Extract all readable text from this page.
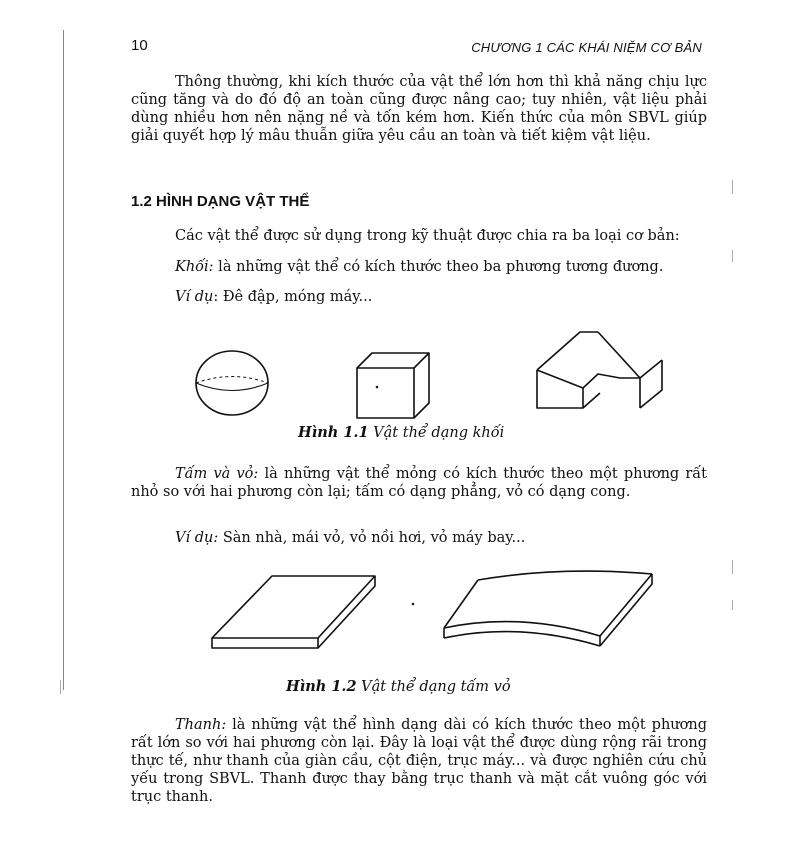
10	CHƯƠNG 1 CÁC KHÁI NIỆM CƠ BẢN

Thông thường, khi kích thước của vật thể lớn hơn thì khả năng chịu lực cũng tăng và do đó độ an toàn cũng được nâng cao; tuy nhiên, vật liệu phải dùng nhiều hơn nên nặng nề và tốn kém hơn. Kiến thức của môn SBVL giúp giải quyết hợp lý mâu thuẫn giữa yêu cầu an toàn và tiết kiệm vật liệu.

1.2 HÌNH DẠNG VẬT THỂ
Các vật thể được sử dụng trong kỹ thuật được chia ra ba loại cơ bản:
Khối: là những vật thể có kích thước theo ba phương tương đương.
Ví dụ: Đê đập, móng máy...
Hình 1.1 Vật thể dạng khối

Tấm và vỏ: là những vật thể mỏng có kích thước theo một phương rất nhỏ so với hai phương còn lại; tấm có dạng phẳng, vỏ có dạng cong.

Ví dụ: Sàn nhà, mái vỏ, vỏ nồi hơi, vỏ máy bay...
Hình 1.2 Vật thể dạng tấm vỏ

Thanh: là những vật thể hình dạng dài có kích thước theo một phương rất lớn so với hai phương còn lại. Đây là loại vật thể được dùng rộng rãi trong thực tế, như thanh của giàn cầu, cột điện, trục máy... và được nghiên cứu chủ yếu trong SBVL. Thanh được thay bằng trục thanh và mặt cắt vuông góc với trục thanh.
